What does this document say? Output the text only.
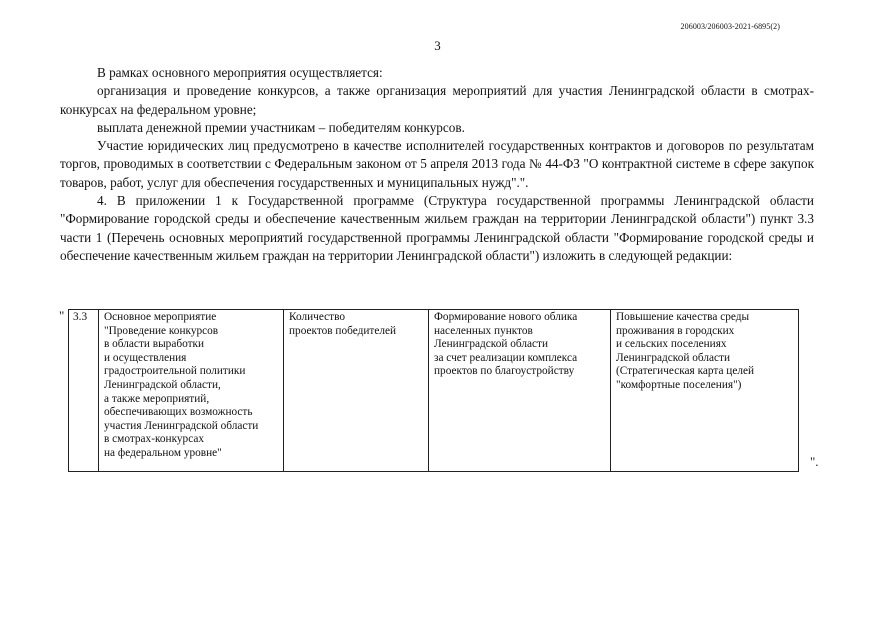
206003/206003-2021-6895(2)
3

В рамках основного мероприятия осуществляется:

организация и проведение конкурсов, а также организация мероприятий для участия Ленинградской области в смотрах-конкурсах на федеральном уровне;

выплата денежной премии участникам – победителям конкурсов.

Участие юридических лиц предусмотрено в качестве исполнителей государственных контрактов и договоров по результатам торгов, проводимых в соответствии с Федеральным законом от 5 апреля 2013 года № 44-ФЗ "О контрактной системе в сфере закупок товаров, работ, услуг для обеспечения государственных и муниципальных нужд".".

4. В приложении 1 к Государственной программе (Структура государственной программы Ленинградской области "Формирование городской среды и обеспечение качественным жильем граждан на территории Ленинградской области") пункт 3.3 части 1 (Перечень основных мероприятий государственной программы Ленинградской области "Формирование городской среды и обеспечение качественным жильем граждан на территории Ленинградской области") изложить в следующей редакции:

" 3.3	Основное мероприятие
"Проведение конкурсов
в области выработки
и осуществления
градостроительной политики
Ленинградской области,
а также мероприятий,
обеспечивающих возможность
участия Ленинградской области
в смотрах-конкурсах
на федеральном уровне"	Количество
проектов победителей	Формирование нового облика
населенных пунктов
Ленинградской области
за счет реализации комплекса
проектов по благоустройству	Повышение качества среды
проживания в городских
и сельских поселениях
Ленинградской области
(Стратегическая карта целей
"комфортные поселения")
".
